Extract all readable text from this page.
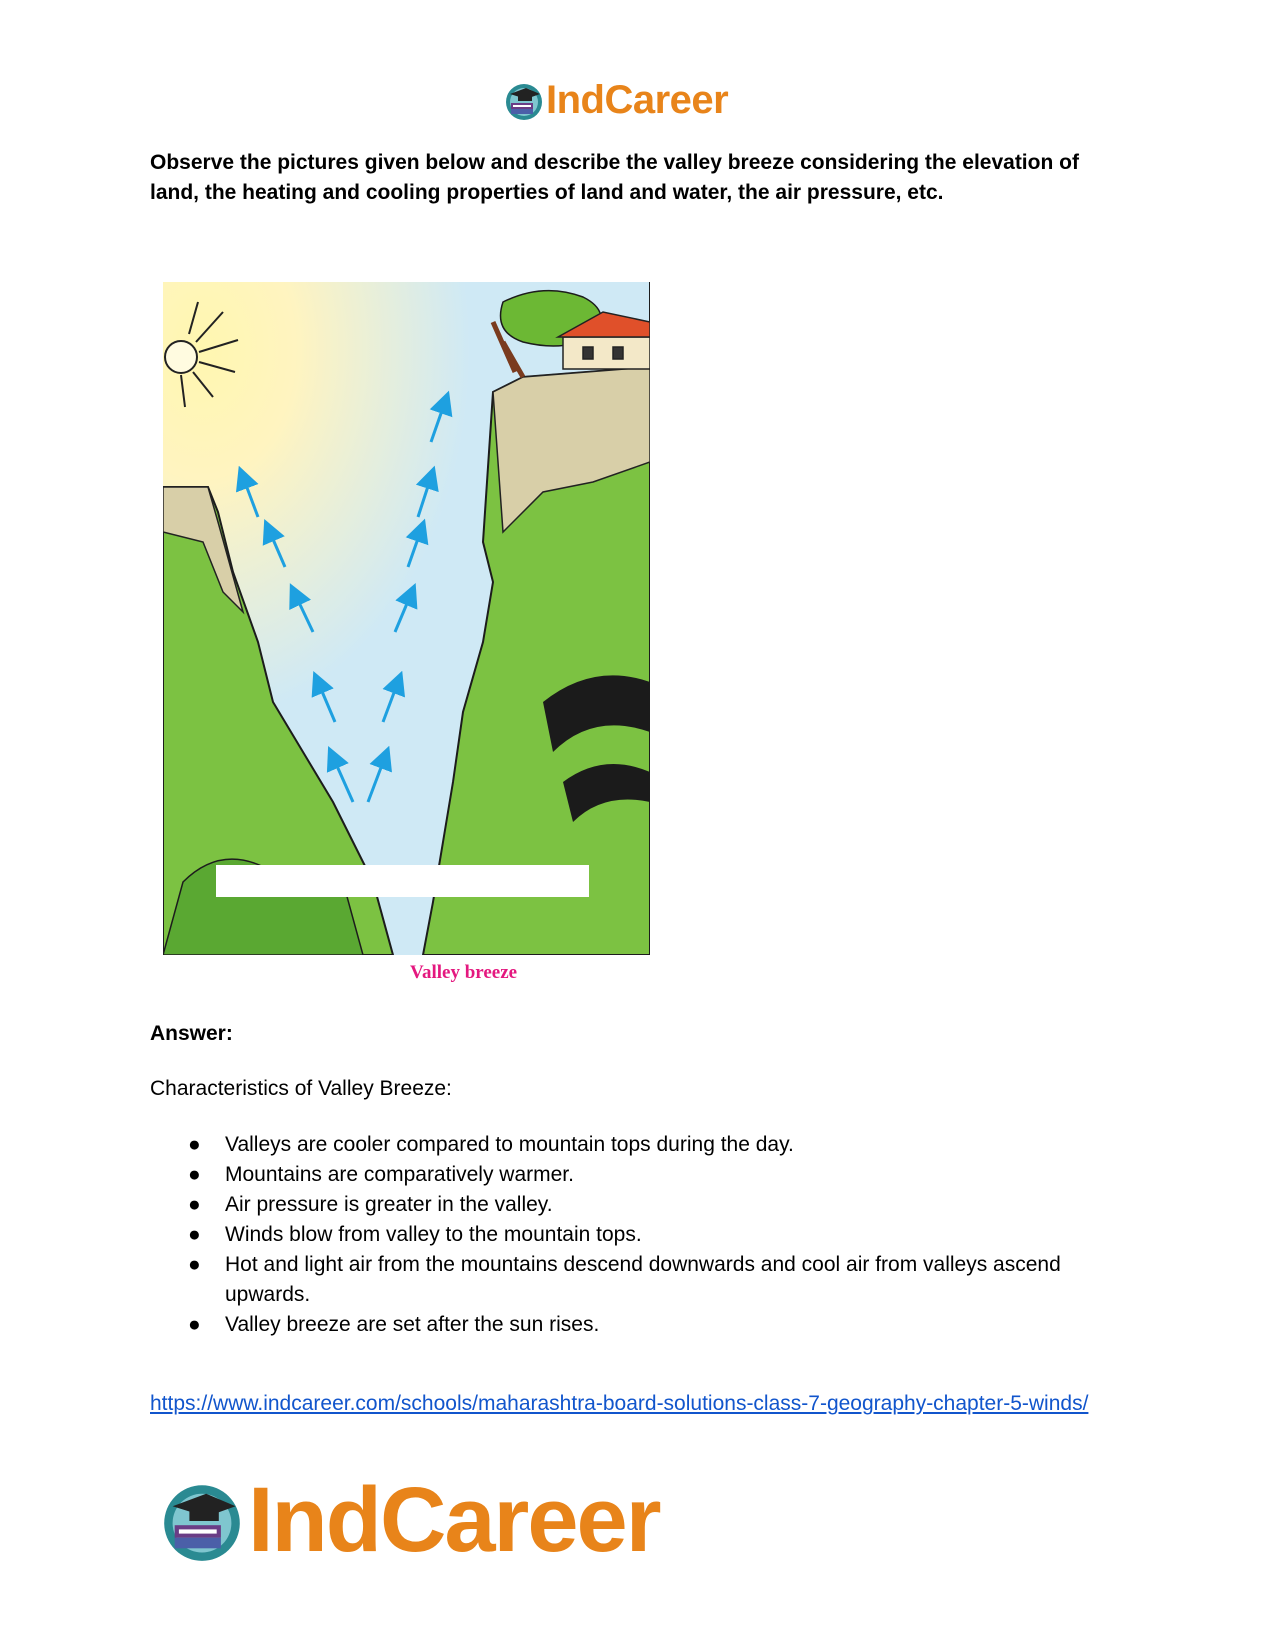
IndCareer
Observe the pictures given below and describe the valley breeze considering the elevation of land, the heating and cooling properties of land and water, the air pressure, etc.
Valley breeze
Answer:
Characteristics of Valley Breeze:
● Valleys are cooler compared to mountain tops during the day.
● Mountains are comparatively warmer.
● Air pressure is greater in the valley.
● Winds blow from valley to the mountain tops.
● Hot and light air from the mountains descend downwards and cool air from valleys ascend upwards.
● Valley breeze are set after the sun rises.
https://www.indcareer.com/schools/maharashtra-board-solutions-class-7-geography-chapter-5-winds/
IndCareer
